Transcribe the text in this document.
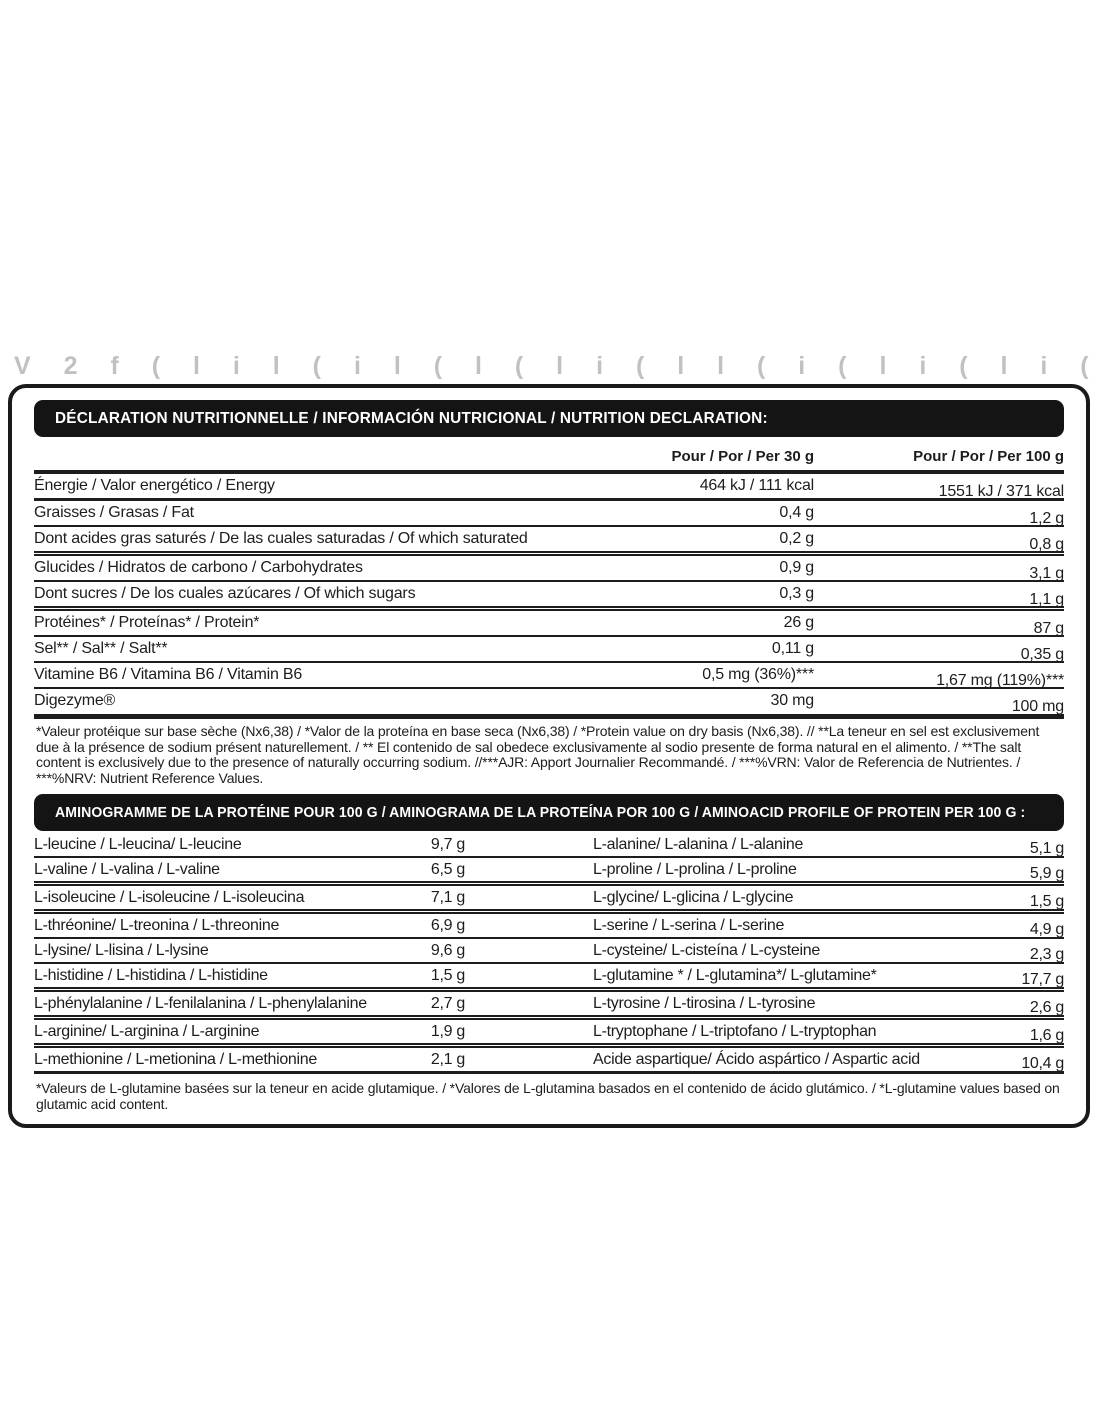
V 2 f ( l i l ( i l ( l ( l i ( l l ( i ( l i ( l i (
DÉCLARATION NUTRITIONNELLE / INFORMACIÓN NUTRICIONAL / NUTRITION DECLARATION:
Pour / Por / Per 30 g	Pour / Por / Per 100 g
Énergie / Valor energético / Energy	464 kJ / 111 kcal	1551 kJ / 371 kcal
Graisses / Grasas / Fat	0,4 g	1,2 g
Dont acides gras saturés / De las cuales saturadas / Of which saturated	0,2 g	0,8 g
Glucides / Hidratos de carbono / Carbohydrates	0,9 g	3,1 g
Dont sucres / De los cuales azúcares / Of which sugars	0,3 g	1,1 g
Protéines* / Proteínas* / Protein*	26 g	87 g
Sel** / Sal** / Salt**	0,11 g	0,35 g
Vitamine B6 / Vitamina B6 / Vitamin B6	0,5 mg (36%)***	1,67 mg (119%)***
Digezyme®	30 mg	100 mg
*Valeur protéique sur base sèche (Nx6,38) / *Valor de la proteína en base seca (Nx6,38) / *Protein value on dry basis (Nx6,38). // **La teneur en sel est exclusivement due à la présence de sodium présent naturellement. / ** El contenido de sal obedece exclusivamente al sodio presente de forma natural en el alimento. / **The salt content is exclusively due to the presence of naturally occurring sodium. //***AJR: Apport Journalier Recommandé. / ***%VRN: Valor de Referencia de Nutrientes. / ***%NRV: Nutrient Reference Values.
AMINOGRAMME DE LA PROTÉINE POUR 100 G / AMINOGRAMA DE LA PROTEÍNA POR 100 G / AMINOACID PROFILE OF PROTEIN PER 100 G :
L-leucine / L-leucina/ L-leucine	9,7 g	L-alanine/ L-alanina / L-alanine	5,1 g
L-valine / L-valina / L-valine	6,5 g	L-proline / L-prolina / L-proline	5,9 g
L-isoleucine / L-isoleucine / L-isoleucina	7,1 g	L-glycine/ L-glicina / L-glycine	1,5 g
L-thréonine/ L-treonina / L-threonine	6,9 g	L-serine / L-serina / L-serine	4,9 g
L-lysine/ L-lisina / L-lysine	9,6 g	L-cysteine/ L-cisteína / L-cysteine	2,3 g
L-histidine / L-histidina / L-histidine	1,5 g	L-glutamine * / L-glutamina*/ L-glutamine*	17,7 g
L-phénylalanine / L-fenilalanina / L-phenylalanine	2,7 g	L-tyrosine / L-tirosina / L-tyrosine	2,6 g
L-arginine/ L-arginina / L-arginine	1,9 g	L-tryptophane / L-triptofano / L-tryptophan	1,6 g
L-methionine / L-metionina / L-methionine	2,1 g	Acide aspartique/ Ácido aspártico / Aspartic acid	10,4 g
*Valeurs de L-glutamine basées sur la teneur en acide glutamique. / *Valores de L-glutamina basados en el contenido de ácido glutámico. / *L-glutamine values based on glutamic acid content.
